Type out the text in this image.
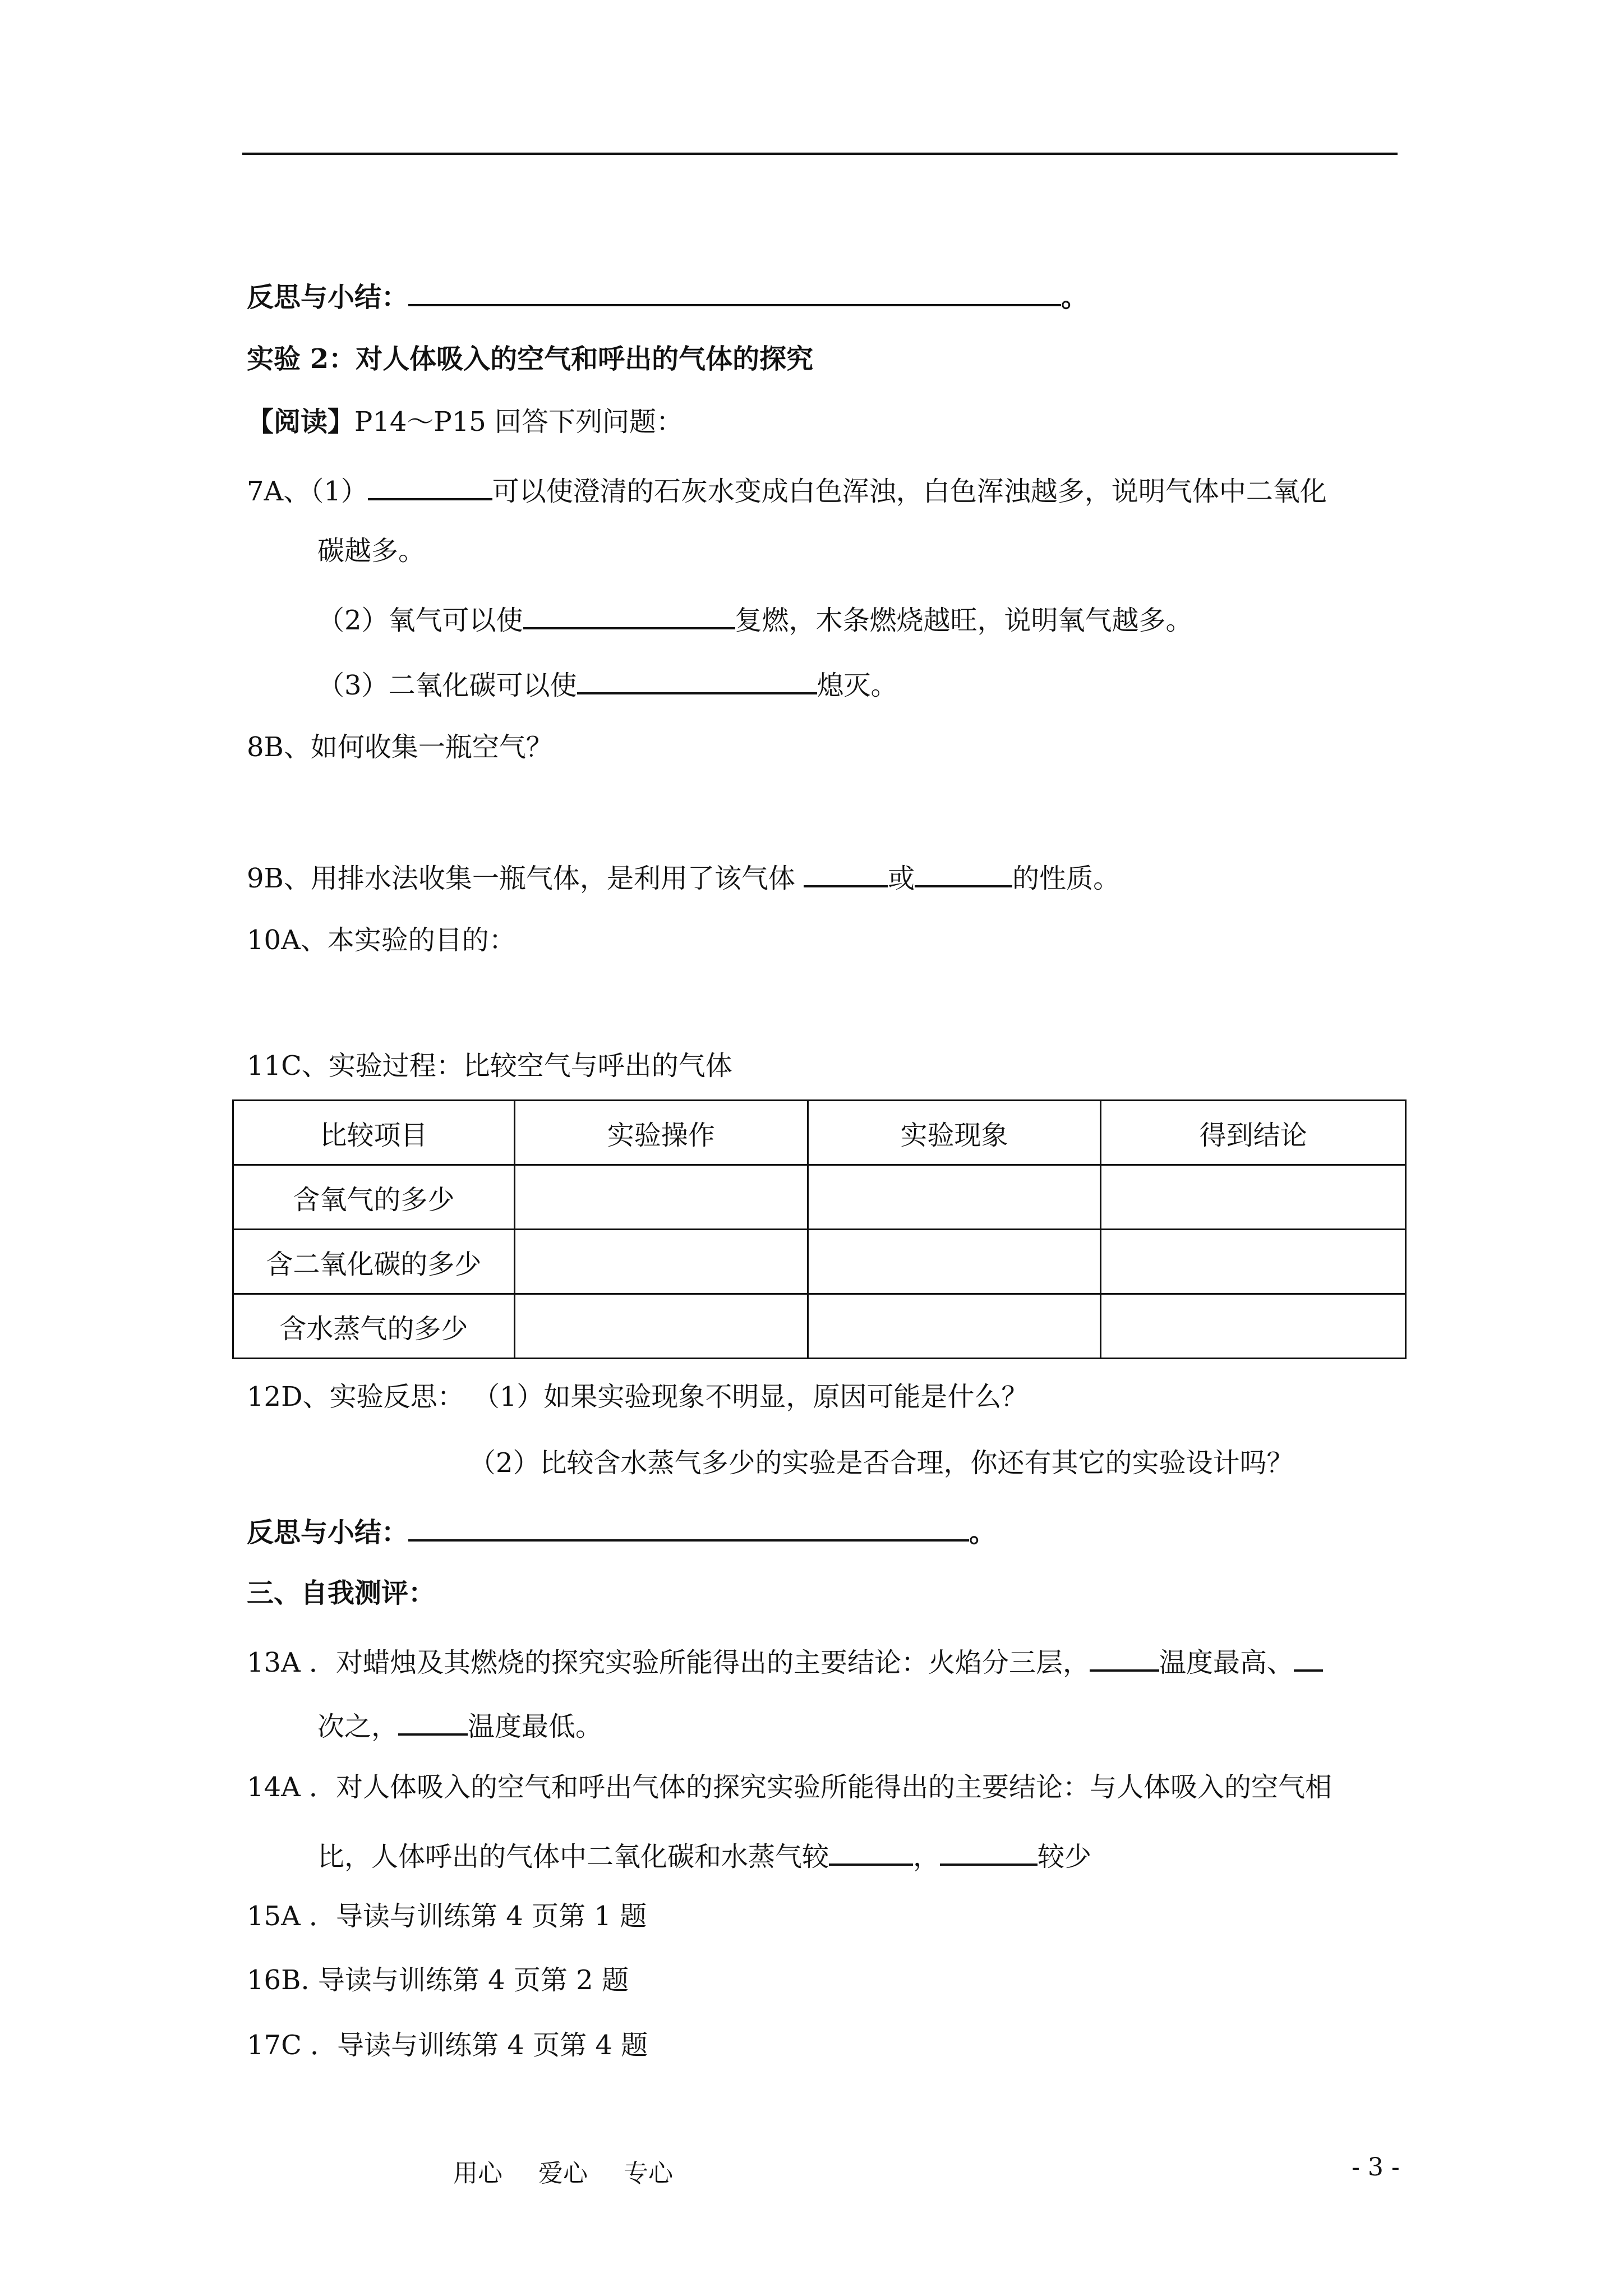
反思与小结：	。
实验 2：对人体吸入的空气和呼出的气体的探究
【阅读】P14～P15 回答下列问题：
7A、（1）	可以使澄清的石灰水变成白色浑浊，白色浑浊越多，说明气体中二氧化
碳越多。
（2）氧气可以使	复燃，木条燃烧越旺，说明氧气越多。
（3）二氧化碳可以使	熄灭。
8B、如何收集一瓶空气？
9B、用排水法收集一瓶气体，是利用了该气体	或	的性质。
10A、本实验的目的：
11C、实验过程：比较空气与呼出的气体
比较项目	实验操作	实验现象	得到结论
含氧气的多少			
含二氧化碳的多少			
含水蒸气的多少			
12D、实验反思： （1）如果实验现象不明显，原因可能是什么？
（2）比较含水蒸气多少的实验是否合理，你还有其它的实验设计吗？
反思与小结：	。
三、自我测评：
13A ．对蜡烛及其燃烧的探究实验所能得出的主要结论：火焰分三层，	温度最高、
次之，	温度最低。
14A ．对人体吸入的空气和呼出气体的探究实验所能得出的主要结论：与人体吸入的空气相
比，人体呼出的气体中二氧化碳和水蒸气较	，	较少
15A ．导读与训练第 4 页第 1 题
16B. 导读与训练第 4 页第 2 题
17C ．导读与训练第 4 页第 4 题
用心 爱心 专心	- 3 -
